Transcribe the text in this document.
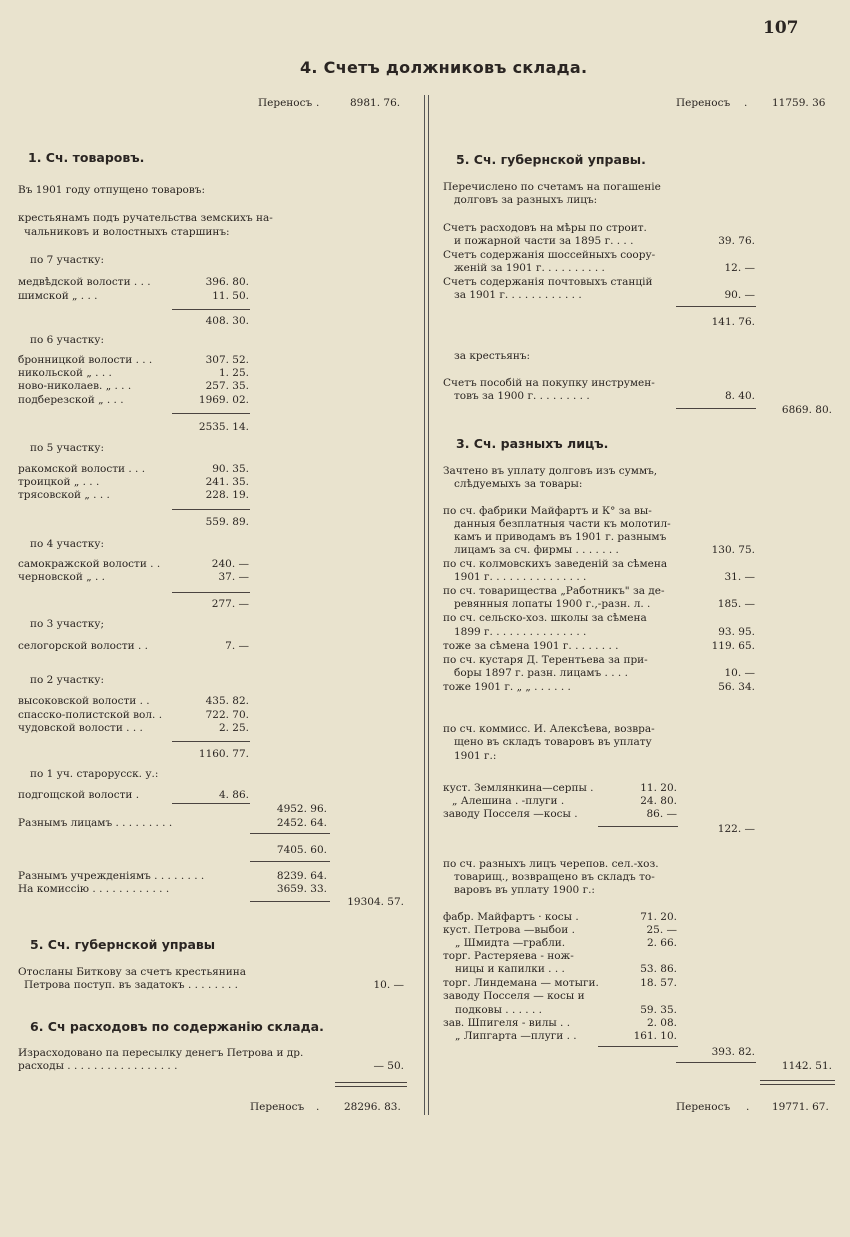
107
4. Счетъ должниковъ склада.
Переносъ .	8981. 76.	Переносъ . 11759. 36
1. Сч. товаровъ.
Въ 1901 году отпущено товаровъ:
крестьянамъ подъ ручательства земскихъ на-
чальниковъ и волостныхъ старшинъ:
по 7 участку:
медвѣдской волости . . .	396. 80.
шимской „ . . .	11. 50.
408. 30.
по 6 участку:
бронницкой волости . . .	307. 52.
никольской „ . . .	1. 25.
ново-николаев. „ . . .	257. 35.
подберезской „ . . .	1969. 02.
2535. 14.
по 5 участку:
ракомской волости . . .	90. 35.
троицкой „ . . .	241. 35.
трясовской „ . . .	228. 19.
559. 89.
по 4 участку:
самокражской волости . .	240. —
черновской „ . .	37. —
277. —
по 3 участку;
селогорской волости . .	7. —
по 2 участку:
высоковской волости . .	435. 82.
спасско-полистской вол. .	722. 70.
чудовской волости . . .	2. 25.
1160. 77.
по 1 уч. старорусск. у.:
подгощской волости .	4. 86.
4952. 96.
Разнымъ лицамъ . . . . . . . . .	2452. 64.
7405. 60.
Разнымъ учрежденiямъ . . . . . . . .	8239. 64.
На комиссiю . . . . . . . . . . . .	3659. 33.
19304. 57.
5. Сч. губернской управы
Отосланы Биткову за счетъ крестьянина
Петрова поступ. въ задатокъ . . . . . . . .	10. —
6. Сч расходовъ по содержанiю склада.
Израсходовано па пересылку денегъ Петрова и др.
расходы . . . . . . . . . . . . . . . . .	— 50.
Переносъ . 28296. 83.
5. Сч. губернской управы.
Перечислено по счетамъ на погашенiе
долговъ за разныхъ лицъ:
Счетъ расходовъ на мѣры по строит.
и пожарной части за 1895 г. . . .	39. 76.
Счетъ содержанiя шоссейныхъ соору-
женiй за 1901 г. . . . . . . . . .	12. —
Счетъ содержанiя почтовыхъ станцiй
за 1901 г. . . . . . . . . . . .	90. —
141. 76.
за крестьянъ:
Счетъ пособiй на покупку инструмен-
товъ за 1900 г. . . . . . . . .	8. 40.
6869. 80.
3. Сч. разныхъ лицъ.
Зачтено въ уплату долговъ изъ суммъ,
слѣдуемыхъ за товары:
по сч. фабрики Майфартъ и К° за вы-
данныя безплатныя части къ молотил-
камъ и приводамъ въ 1901 г. разнымъ
лицамъ за сч. фирмы . . . . . . .	130. 75.
по сч. колмовскихъ заведенiй за сѣмена
1901 г. . . . . . . . . . . . . . .	31. —
по сч. товарищества „Работникъ" за де-
ревянныя лопаты 1900 г.,-разн. л. .	185. —
по сч. сельско-хоз. школы за сѣмена
1899 г. . . . . . . . . . . . . . .	93. 95.
тоже за сѣмена 1901 г. . . . . . . .	119. 65.
по сч. кустаря Д. Терентьева за при-
боры 1897 г. разн. лицамъ . . . .	10. —
тоже 1901 г. „ „ . . . . . .	56. 34.
по сч. коммисс. И. Алексѣева, возвра-
щено въ складъ товаровъ въ уплату
1901 г.:
куст. Землянкина—серпы .	11. 20.
„ Алешина . -плуги .	24. 80.
заводу Посселя —косы .	86. —
122. —
по сч. разныхъ лицъ черепов. сел.-хоз.
товарищ., возвращено въ складъ то-
варовъ въ уплату 1900 г.:
фабр. Майфартъ · косы .	71. 20.
куст. Петрова —выбои .	25. —
„ Шмидта —грабли.	2. 66.
торг. Растеряева - нож-
ницы и капилки . . .	53. 86.
торг. Линдемана — мотыги.	18. 57.
заводу Посселя — косы и
подковы . . . . . .	59. 35.
зав. Шпигеля - вилы . .	2. 08.
„ Липгарта —плуги . .	161. 10.
393. 82.
1142. 51.
Переносъ . 19771. 67.
